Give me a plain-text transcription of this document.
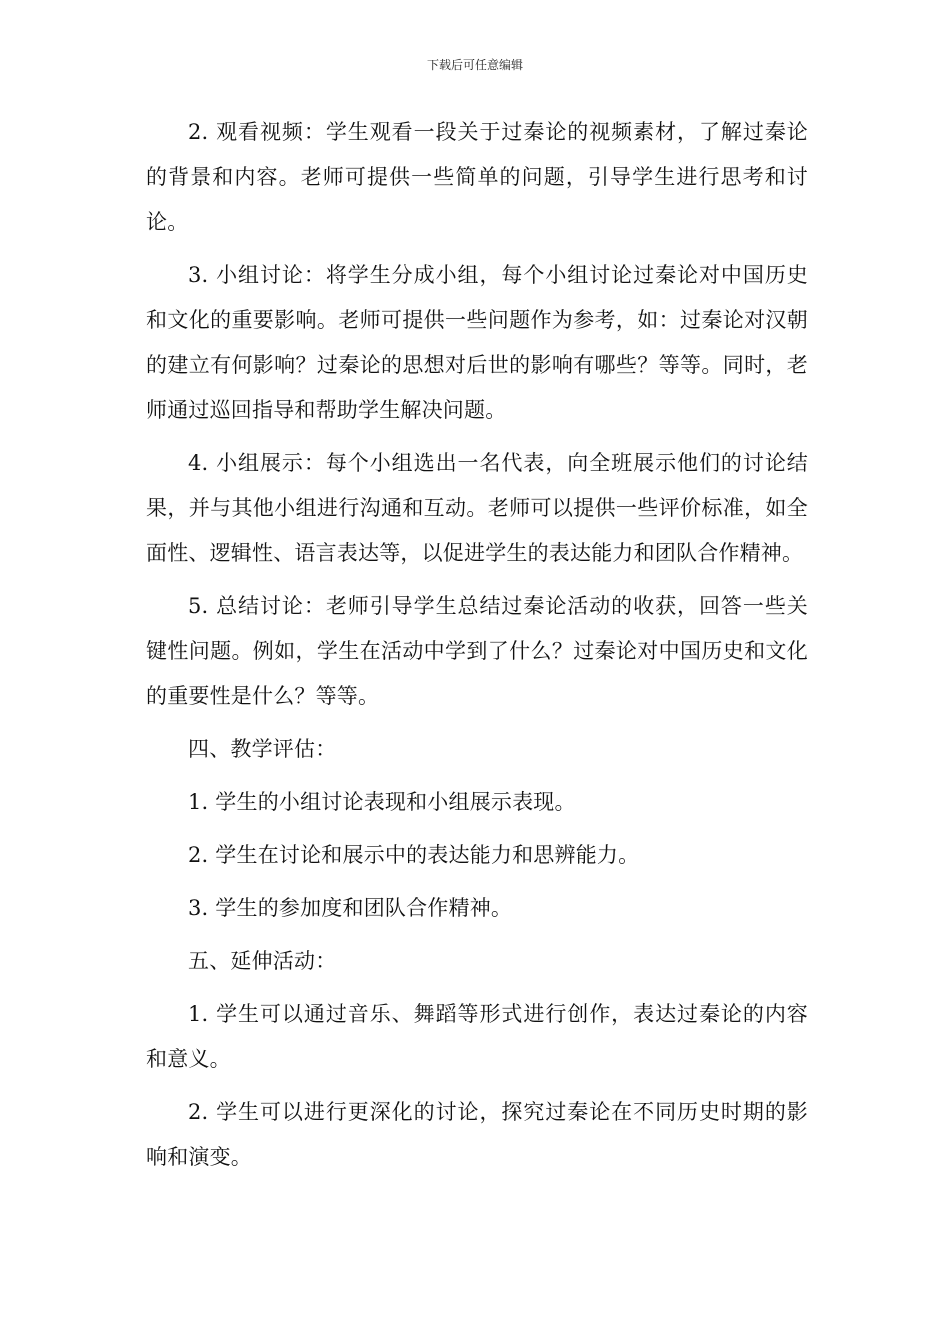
下载后可任意编辑

2. 观看视频：学生观看一段关于过秦论的视频素材，了解过秦论的背景和内容。老师可提供一些简单的问题，引导学生进行思考和讨论。

3. 小组讨论：将学生分成小组，每个小组讨论过秦论对中国历史和文化的重要影响。老师可提供一些问题作为参考，如：过秦论对汉朝的建立有何影响？过秦论的思想对后世的影响有哪些？等等。同时，老师通过巡回指导和帮助学生解决问题。

4. 小组展示：每个小组选出一名代表，向全班展示他们的讨论结果，并与其他小组进行沟通和互动。老师可以提供一些评价标准，如全面性、逻辑性、语言表达等，以促进学生的表达能力和团队合作精神。

5. 总结讨论：老师引导学生总结过秦论活动的收获，回答一些关键性问题。例如，学生在活动中学到了什么？过秦论对中国历史和文化的重要性是什么？等等。

四、教学评估：

1. 学生的小组讨论表现和小组展示表现。

2. 学生在讨论和展示中的表达能力和思辨能力。

3. 学生的参加度和团队合作精神。

五、延伸活动：

1. 学生可以通过音乐、舞蹈等形式进行创作，表达过秦论的内容和意义。

2. 学生可以进行更深化的讨论，探究过秦论在不同历史时期的影响和演变。
